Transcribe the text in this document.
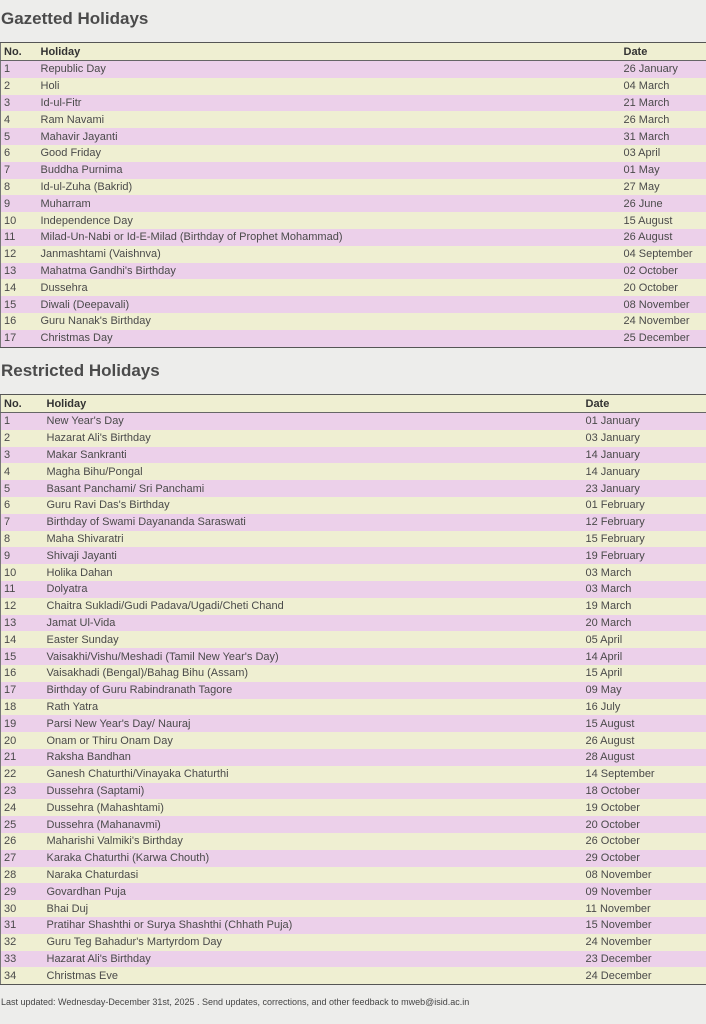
Gazetted Holidays
No.	Holiday	Date
1	Republic Day	26 January
2	Holi	04 March
3	Id-ul-Fitr	21 March
4	Ram Navami	26 March
5	Mahavir Jayanti	31 March
6	Good Friday	03 April
7	Buddha Purnima	01 May
8	Id-ul-Zuha (Bakrid)	27 May
9	Muharram	26 June
10	Independence Day	15 August
11	Milad-Un-Nabi or Id-E-Milad (Birthday of Prophet Mohammad)	26 August
12	Janmashtami (Vaishnva)	04 September
13	Mahatma Gandhi's Birthday	02 October
14	Dussehra	20 October
15	Diwali (Deepavali)	08 November
16	Guru Nanak's Birthday	24 November
17	Christmas Day	25 December
Restricted Holidays
No.	Holiday	Date
1	New Year's Day	01 January
2	Hazarat Ali's Birthday	03 January
3	Makar Sankranti	14 January
4	Magha Bihu/Pongal	14 January
5	Basant Panchami/ Sri Panchami	23 January
6	Guru Ravi Das's Birthday	01 February
7	Birthday of Swami Dayananda Saraswati	12 February
8	Maha Shivaratri	15 February
9	Shivaji Jayanti	19 February
10	Holika Dahan	03 March
11	Dolyatra	03 March
12	Chaitra Sukladi/Gudi Padava/Ugadi/Cheti Chand	19 March
13	Jamat Ul-Vida	20 March
14	Easter Sunday	05 April
15	Vaisakhi/Vishu/Meshadi (Tamil New Year's Day)	14 April
16	Vaisakhadi (Bengal)/Bahag Bihu (Assam)	15 April
17	Birthday of Guru Rabindranath Tagore	09 May
18	Rath Yatra	16 July
19	Parsi New Year's Day/ Nauraj	15 August
20	Onam or Thiru Onam Day	26 August
21	Raksha Bandhan	28 August
22	Ganesh Chaturthi/Vinayaka Chaturthi	14 September
23	Dussehra (Saptami)	18 October
24	Dussehra (Mahashtami)	19 October
25	Dussehra (Mahanavmi)	20 October
26	Maharishi Valmiki's Birthday	26 October
27	Karaka Chaturthi (Karwa Chouth)	29 October
28	Naraka Chaturdasi	08 November
29	Govardhan Puja	09 November
30	Bhai Duj	11 November
31	Pratihar Shashthi or Surya Shashthi (Chhath Puja)	15 November
32	Guru Teg Bahadur's Martyrdom Day	24 November
33	Hazarat Ali's Birthday	23 December
34	Christmas Eve	24 December
Last updated: Wednesday-December 31st, 2025 . Send updates, corrections, and other feedback to mweb@isid.ac.in
